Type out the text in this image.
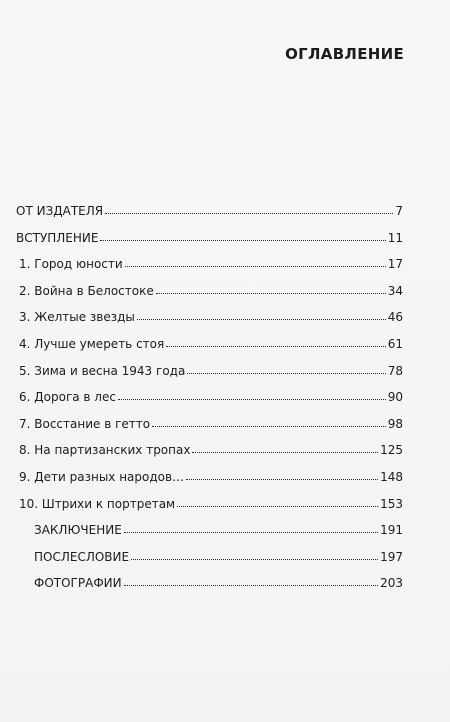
ОГЛАВЛЕНИЕ
ОТ ИЗДАТЕЛЯ	7
ВСТУПЛЕНИЕ	11
1. Город юности	17
2. Война в Белостоке	34
3. Желтые звезды	46
4. Лучше умереть стоя	61
5. Зима и весна 1943 года	78
6. Дорога в лес	90
7. Восстание в гетто	98
8. На партизанских тропах	125
9. Дети разных народов…	148
10. Штрихи к портретам	153
ЗАКЛЮЧЕНИЕ	191
ПОСЛЕСЛОВИЕ	197
ФОТОГРАФИИ	203
